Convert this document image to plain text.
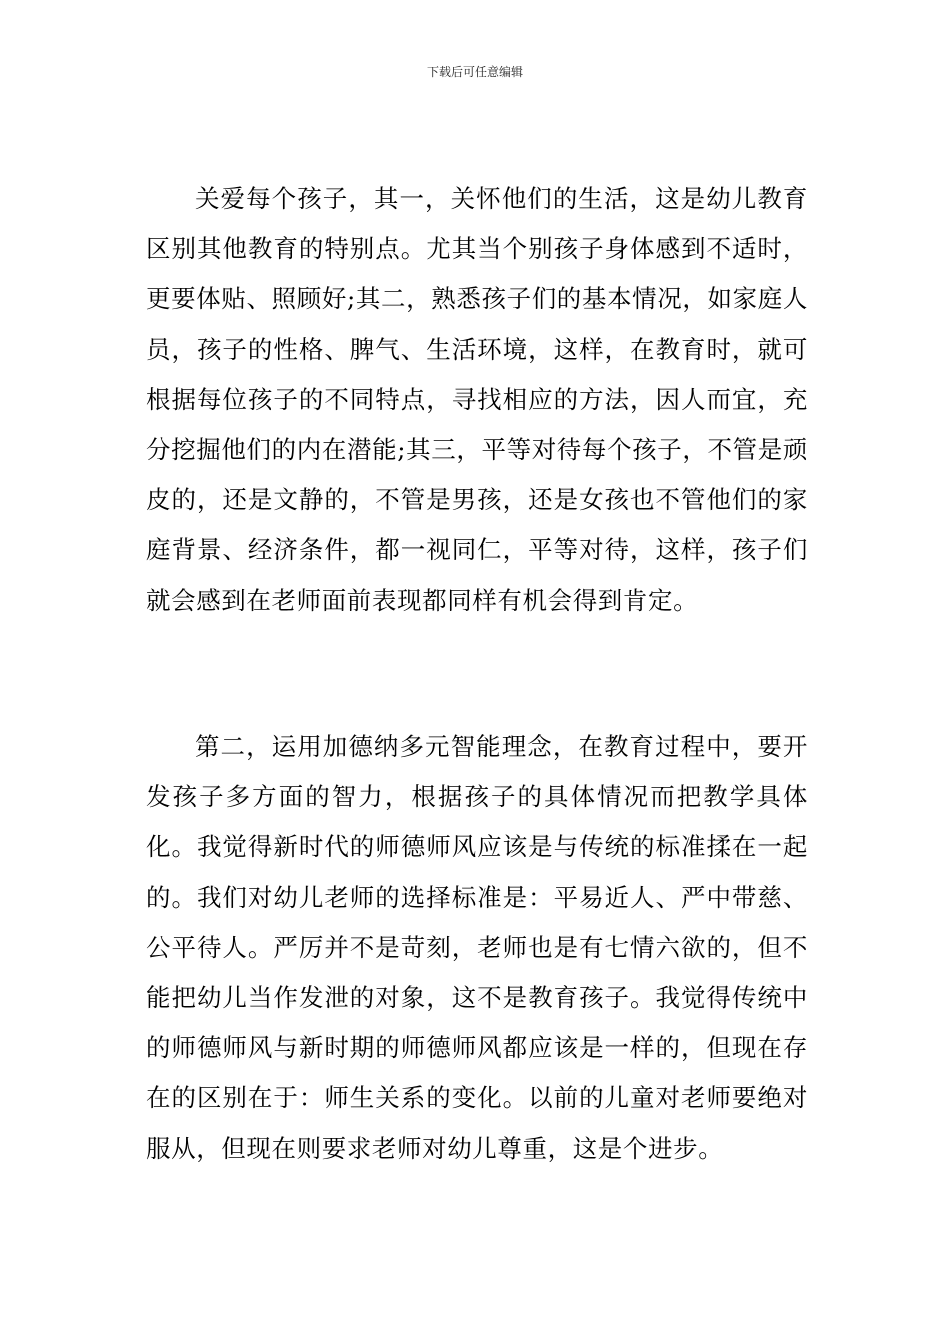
下载后可任意编辑

关爱每个孩子，其一，关怀他们的生活，这是幼儿教育区别其他教育的特别点。尤其当个别孩子身体感到不适时，更要体贴、照顾好;其二，熟悉孩子们的基本情况，如家庭人员，孩子的性格、脾气、生活环境，这样，在教育时，就可根据每位孩子的不同特点，寻找相应的方法，因人而宜，充分挖掘他们的内在潜能;其三，平等对待每个孩子，不管是顽皮的，还是文静的，不管是男孩，还是女孩也不管他们的家庭背景、经济条件，都一视同仁，平等对待，这样，孩子们就会感到在老师面前表现都同样有机会得到肯定。

第二，运用加德纳多元智能理念，在教育过程中，要开发孩子多方面的智力，根据孩子的具体情况而把教学具体化。我觉得新时代的师德师风应该是与传统的标准揉在一起的。我们对幼儿老师的选择标准是：平易近人、严中带慈、公平待人。严厉并不是苛刻，老师也是有七情六欲的，但不能把幼儿当作发泄的对象，这不是教育孩子。我觉得传统中的师德师风与新时期的师德师风都应该是一样的，但现在存在的区别在于：师生关系的变化。以前的儿童对老师要绝对服从，但现在则要求老师对幼儿尊重，这是个进步。
